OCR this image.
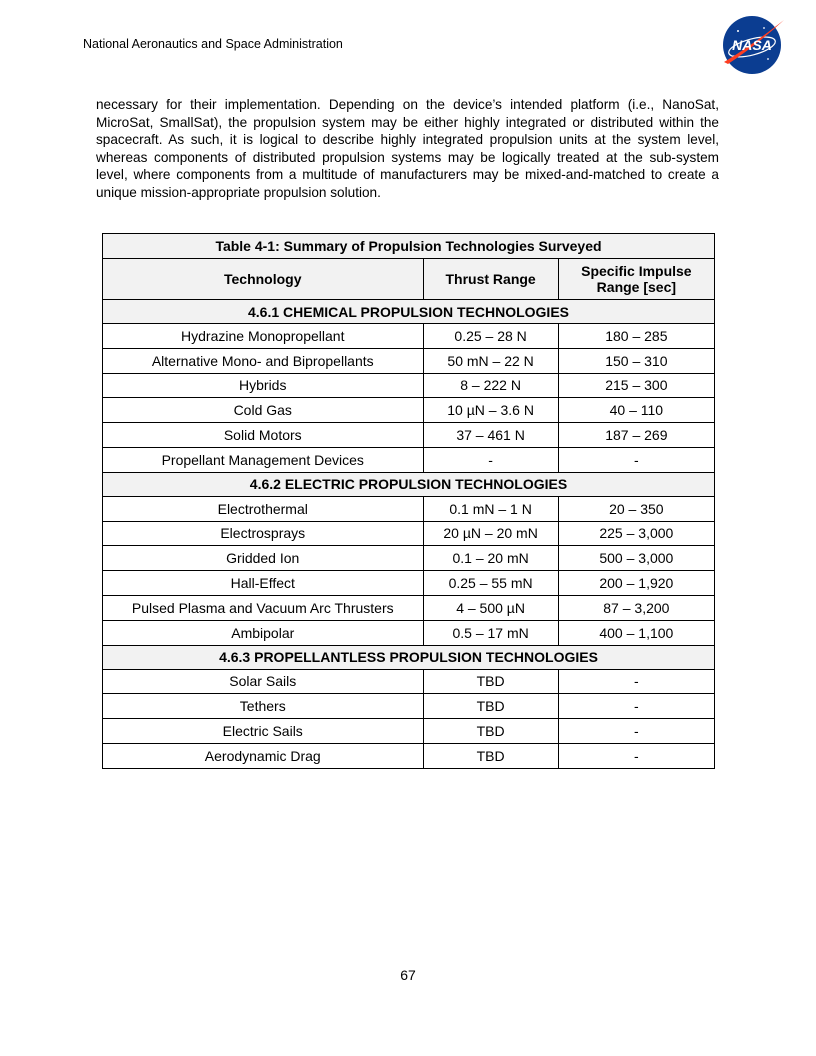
National Aeronautics and Space Administration	NASA

necessary for their implementation. Depending on the device’s intended platform (i.e., NanoSat, MicroSat, SmallSat), the propulsion system may be either highly integrated or distributed within the spacecraft. As such, it is logical to describe highly integrated propulsion units at the system level, whereas components of distributed propulsion systems may be logically treated at the sub-system level, where components from a multitude of manufacturers may be mixed-and-matched to create a unique mission-appropriate propulsion solution.

Table 4-1: Summary of Propulsion Technologies Surveyed		
Technology	Thrust Range	Specific Impulse Range [sec]
4.6.1 CHEMICAL PROPULSION TECHNOLOGIES		
Hydrazine Monopropellant	0.25 – 28 N	180 – 285
Alternative Mono- and Bipropellants	50 mN – 22 N	150 – 310
Hybrids	8 – 222 N	215 – 300
Cold Gas	10 µN – 3.6 N	40 – 110
Solid Motors	37 – 461 N	187 – 269
Propellant Management Devices	-	-
4.6.2 ELECTRIC PROPULSION TECHNOLOGIES		
Electrothermal	0.1 mN – 1 N	20 – 350
Electrosprays	20 µN – 20 mN	225 – 3,000
Gridded Ion	0.1 – 20 mN	500 – 3,000
Hall-Effect	0.25 – 55 mN	200 – 1,920
Pulsed Plasma and Vacuum Arc Thrusters	4 – 500 µN	87 – 3,200
Ambipolar	0.5 – 17 mN	400 – 1,100
4.6.3 PROPELLANTLESS PROPULSION TECHNOLOGIES		
Solar Sails	TBD	-
Tethers	TBD	-
Electric Sails	TBD	-
Aerodynamic Drag	TBD	-
67
